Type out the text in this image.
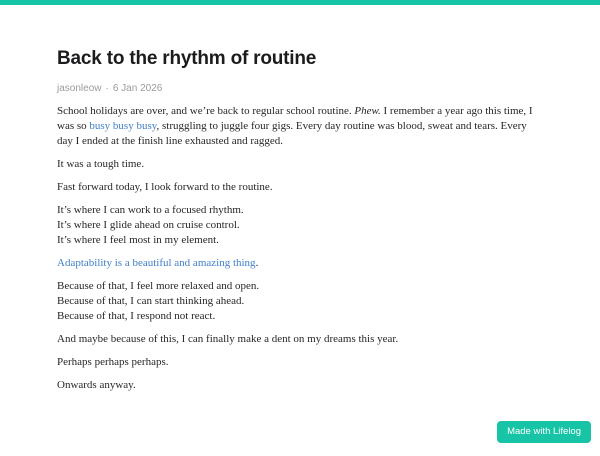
Back to the rhythm of routine
jasonleow · 6 Jan 2026

School holidays are over, and we’re back to regular school routine. Phew. I remember a year ago this time, I was so busy busy busy, struggling to juggle four gigs. Every day routine was blood, sweat and tears. Every day I ended at the finish line exhausted and ragged.

It was a tough time.

Fast forward today, I look forward to the routine.

It’s where I can work to a focused rhythm.
It’s where I glide ahead on cruise control.
It’s where I feel most in my element.

Adaptability is a beautiful and amazing thing.

Because of that, I feel more relaxed and open.
Because of that, I can start thinking ahead.
Because of that, I respond not react.

And maybe because of this, I can finally make a dent on my dreams this year.

Perhaps perhaps perhaps.

Onwards anyway.

Made with Lifelog
